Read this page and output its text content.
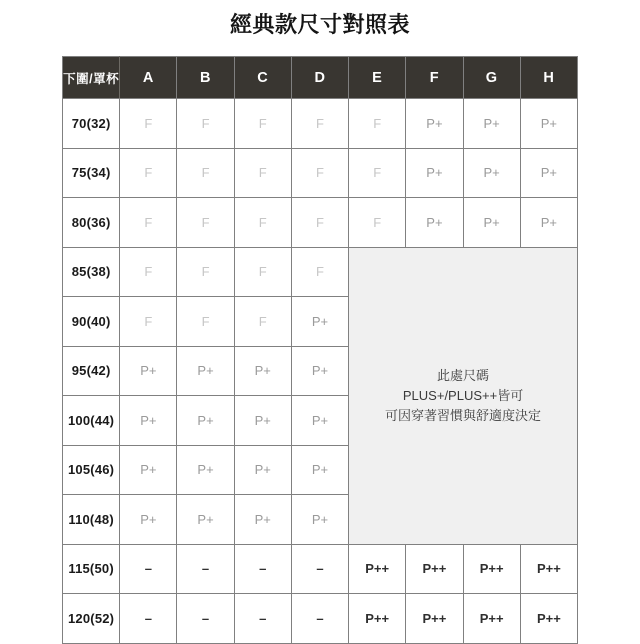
經典款尺寸對照表
下圍/罩杯	A	B	C	D	E	F	G	H
70(32)	F	F	F	F	F	P+	P+	P+
75(34)	F	F	F	F	F	P+	P+	P+
80(36)	F	F	F	F	F	P+	P+	P+
85(38)	F	F	F	F	此處尺碼
PLUS+/PLUS++皆可
可因穿著習慣與舒適度決定			

90(40)	F	F	F	P+				
95(42)	P+	P+	P+	P+				
100(44)	P+	P+	P+	P+				
105(46)	P+	P+	P+	P+				
110(48)	P+	P+	P+	P+				
115(50)	–	–	–	–	P++	P++	P++	P++
120(52)	–	–	–	–	P++	P++	P++	P++
